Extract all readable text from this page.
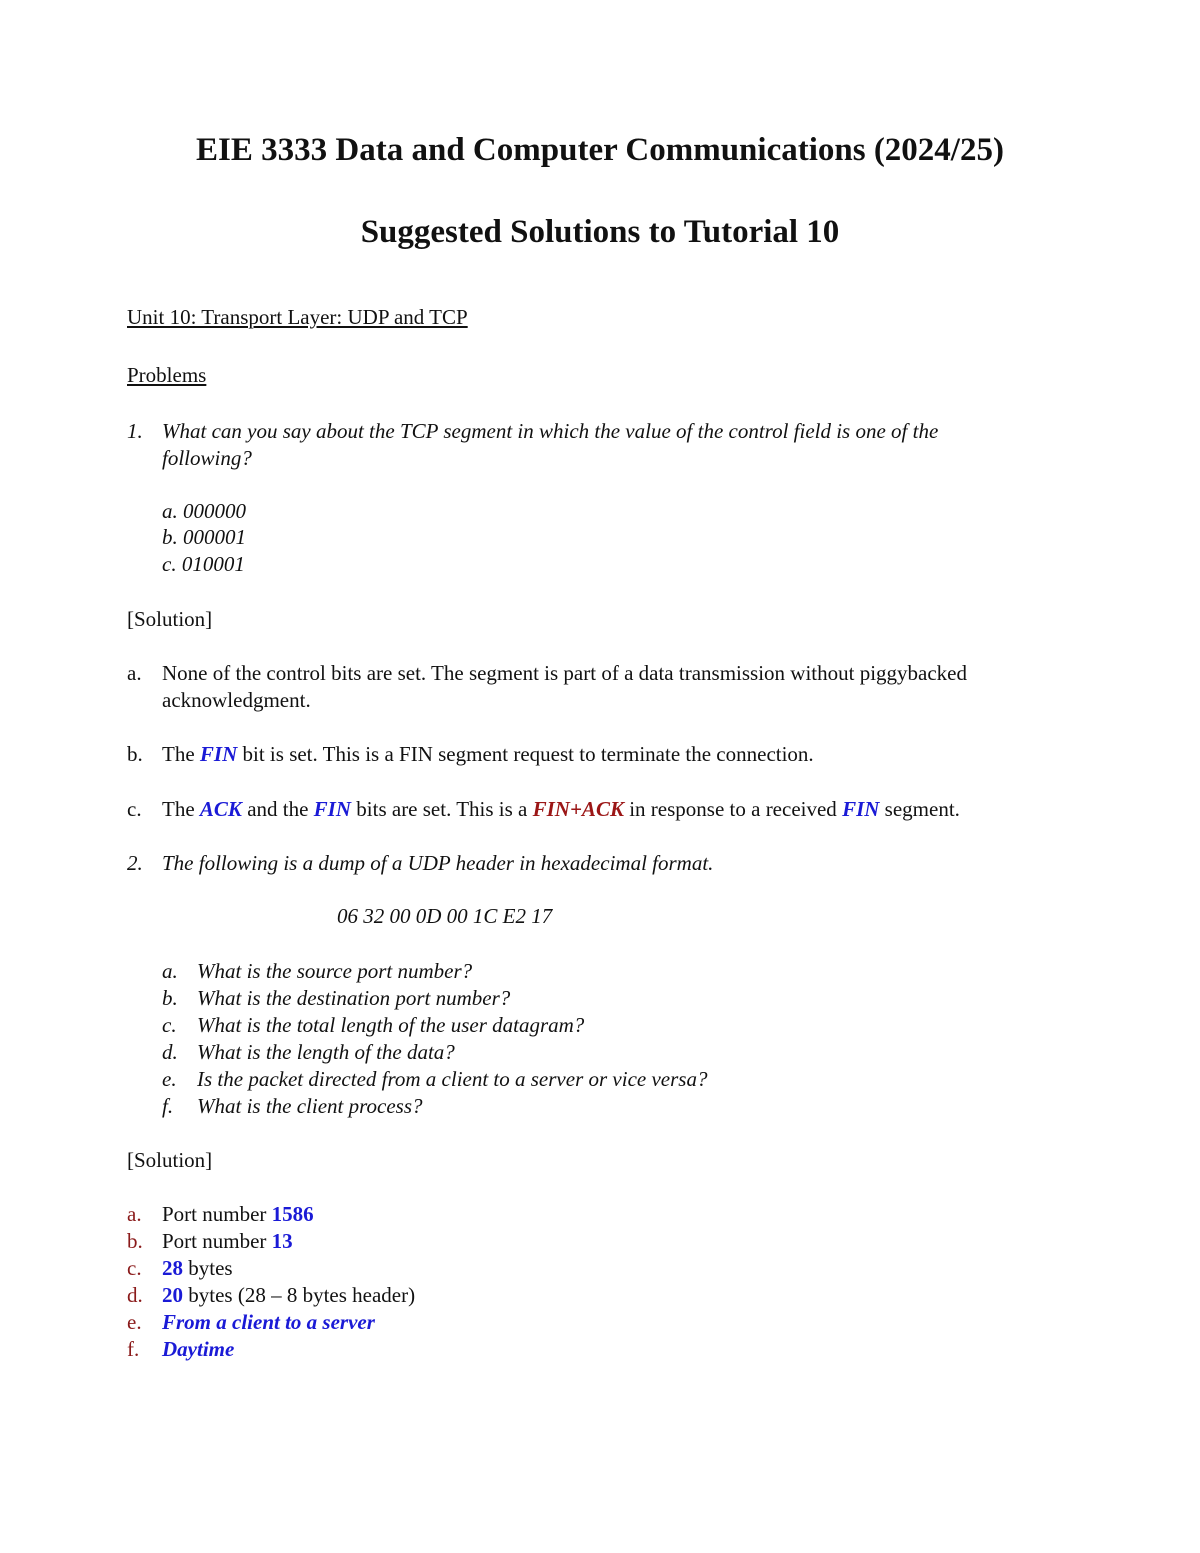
EIE 3333 Data and Computer Communications (2024/25)
Suggested Solutions to Tutorial 10
Unit 10: Transport Layer: UDP and TCP
Problems
1. What can you say about the TCP segment in which the value of the control field is one of the
following?
a. 000000
b. 000001
c. 010001
[Solution]
a. None of the control bits are set. The segment is part of a data transmission without piggybacked
acknowledgment.
b. The FIN bit is set. This is a FIN segment request to terminate the connection.
c. The ACK and the FIN bits are set. This is a FIN+ACK in response to a received FIN segment.
2. The following is a dump of a UDP header in hexadecimal format.
06 32 00 0D 00 1C E2 17
a. What is the source port number?
b. What is the destination port number?
c. What is the total length of the user datagram?
d. What is the length of the data?
e. Is the packet directed from a client to a server or vice versa?
f. What is the client process?
[Solution]
a. Port number 1586
b. Port number 13
c. 28 bytes
d. 20 bytes (28 – 8 bytes header)
e. From a client to a server
f. Daytime
